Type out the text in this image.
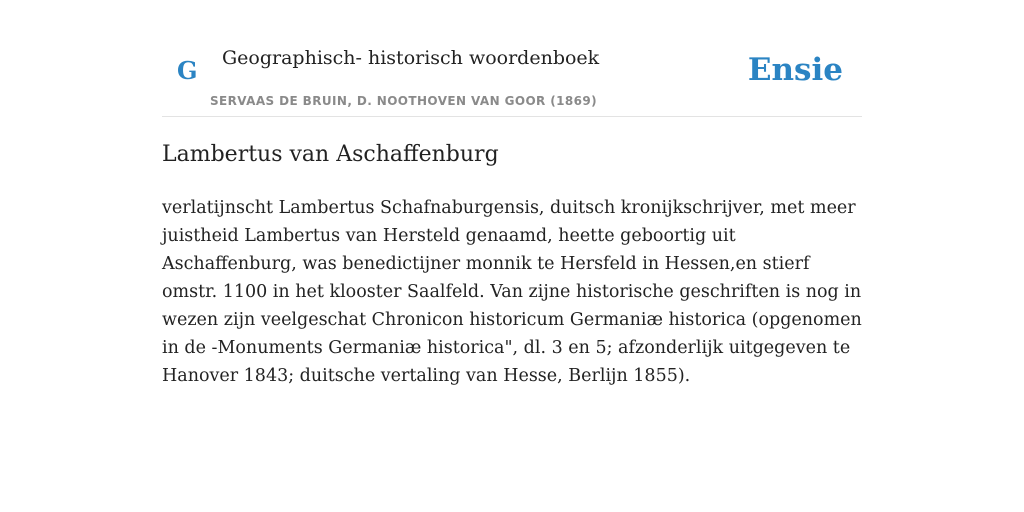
G Geographisch- historisch woordenboek
SERVAAS DE BRUIN, D. NOOTHOVEN VAN GOOR (1869)
Ensie
Lambertus van Aschaffenburg

verlatijnscht Lambertus Schafnaburgensis, duitsch kronijkschrijver, met meer juistheid Lambertus van Hersteld genaamd, heette geboortig uit Aschaffenburg, was benedictijner monnik te Hersfeld in Hessen,en stierf omstr. 1100 in het klooster Saalfeld. Van zijne historische geschriften is nog in wezen zijn veelgeschat Chronicon historicum Germaniæ historica (opgenomen in de -Monuments Germaniæ historica", dl. 3 en 5; afzonderlijk uitgegeven te Hanover 1843; duitsche vertaling van Hesse, Berlijn 1855).
